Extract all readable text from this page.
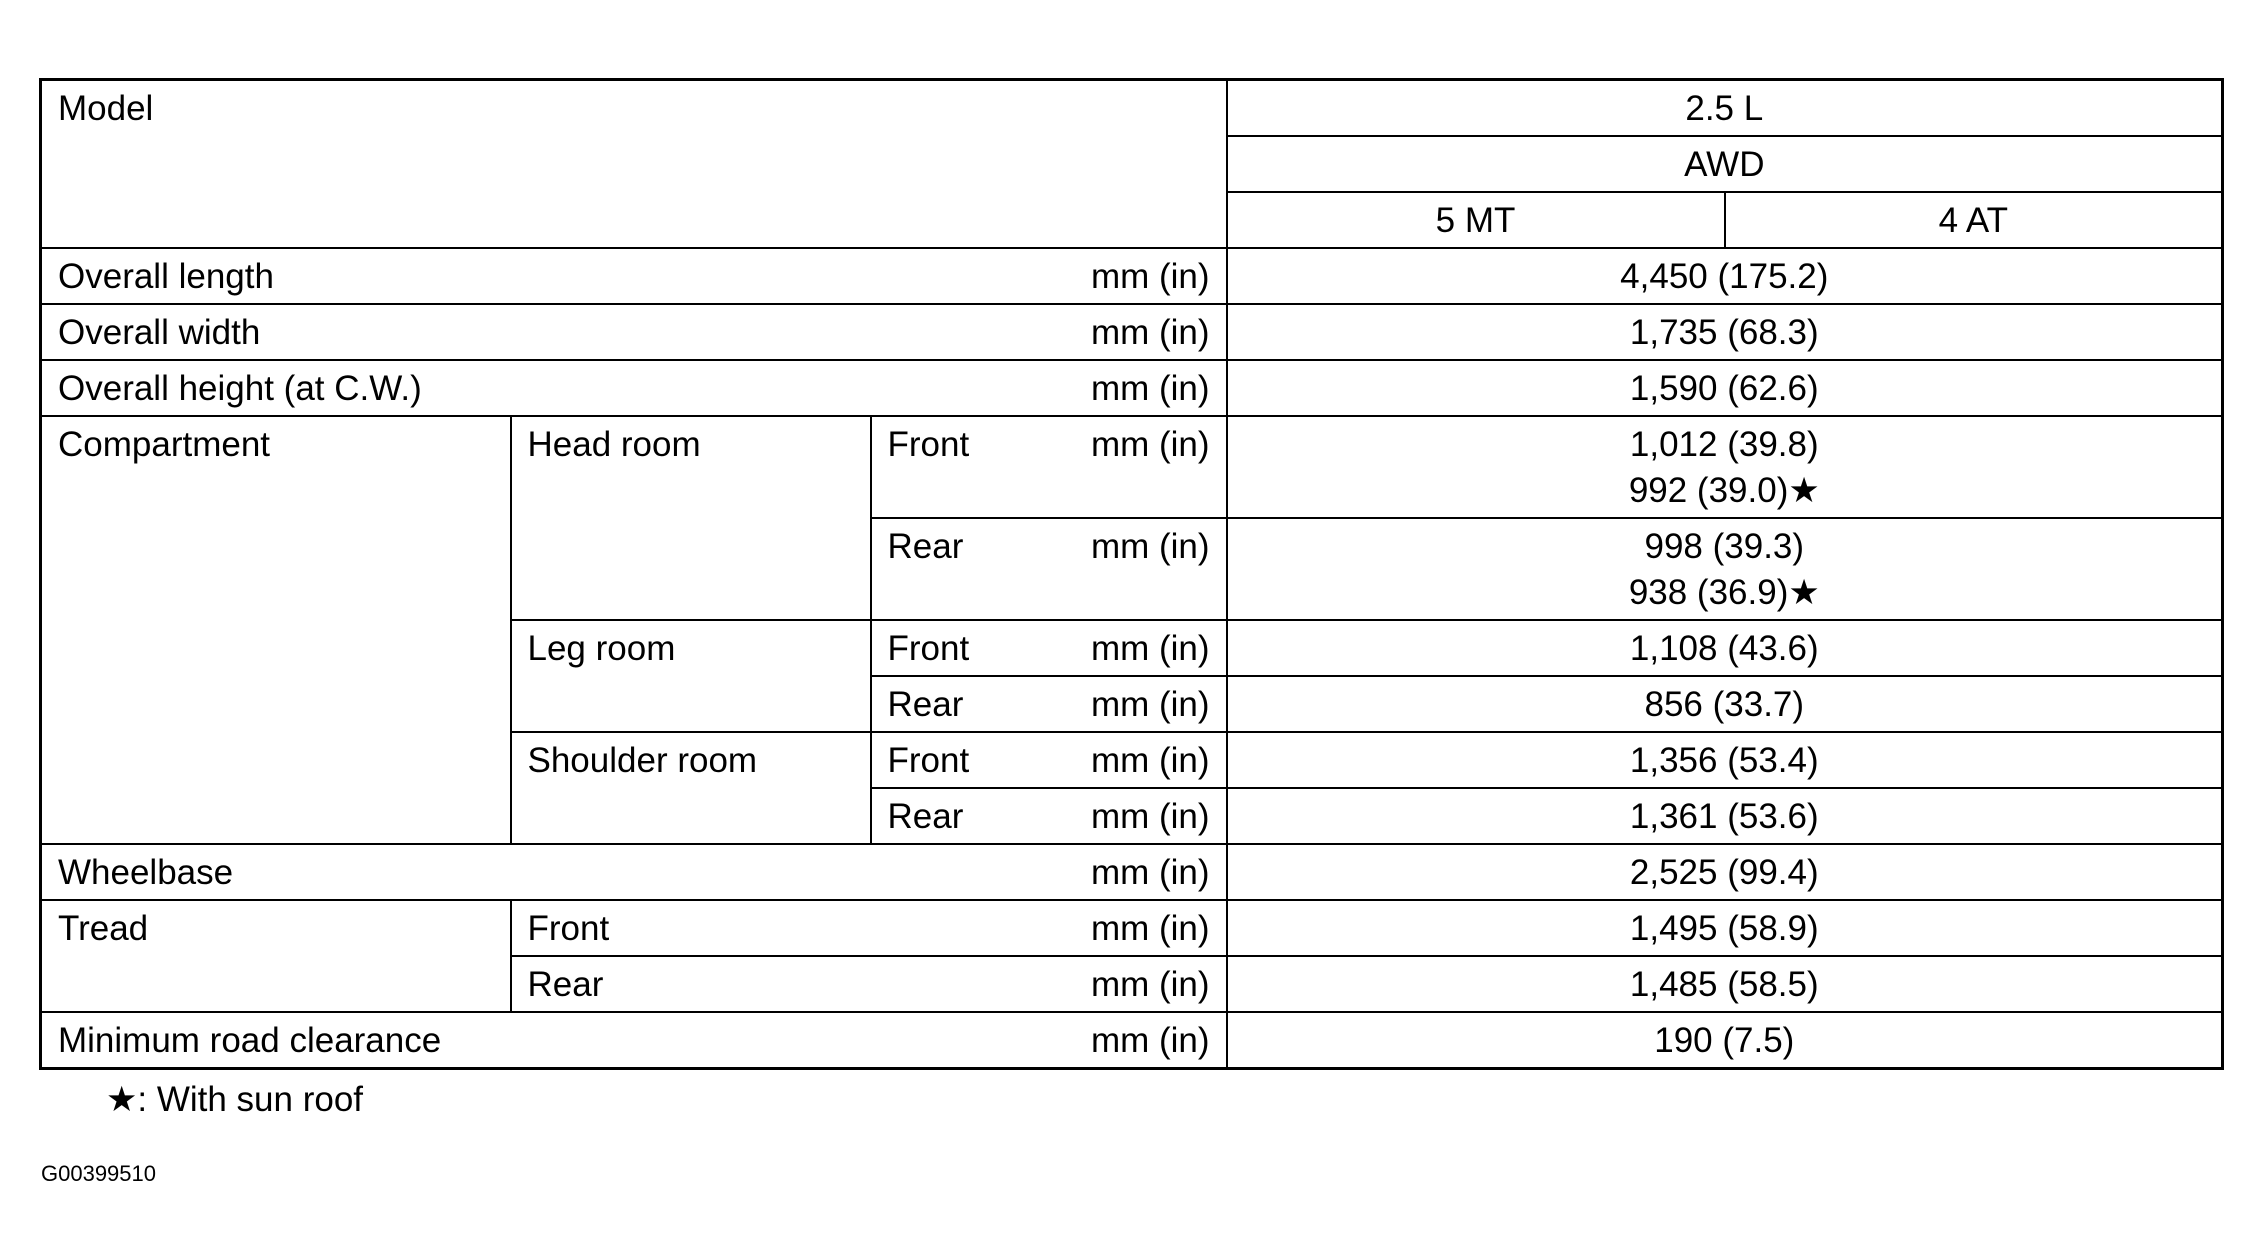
Model			2.5 L	
			AWD	
			5 MT	4 AT

Overall length mm (in)			4,450 (175.2)	

Overall width mm (in)			1,735 (68.3)	

Overall height (at C.W.) mm (in)			1,590 (62.6)	
Compartment	Head room	Front mm (in)	1,012 (39.8)
992 (39.0)★	

		Rear mm (in)	998 (39.3)
938 (36.9)★	

	Leg room	Front mm (in)	1,108 (43.6)	

		Rear mm (in)	856 (33.7)	
	Shoulder room	Front mm (in)	1,356 (53.4)	

		Rear mm (in)	1,361 (53.6)	

Wheelbase mm (in)			2,525 (99.4)	
Tread	Front mm (in)		1,495 (58.9)	

	Rear mm (in)		1,485 (58.5)	

Minimum road clearance mm (in)			190 (7.5)	
★: With sun roof
G00399510
